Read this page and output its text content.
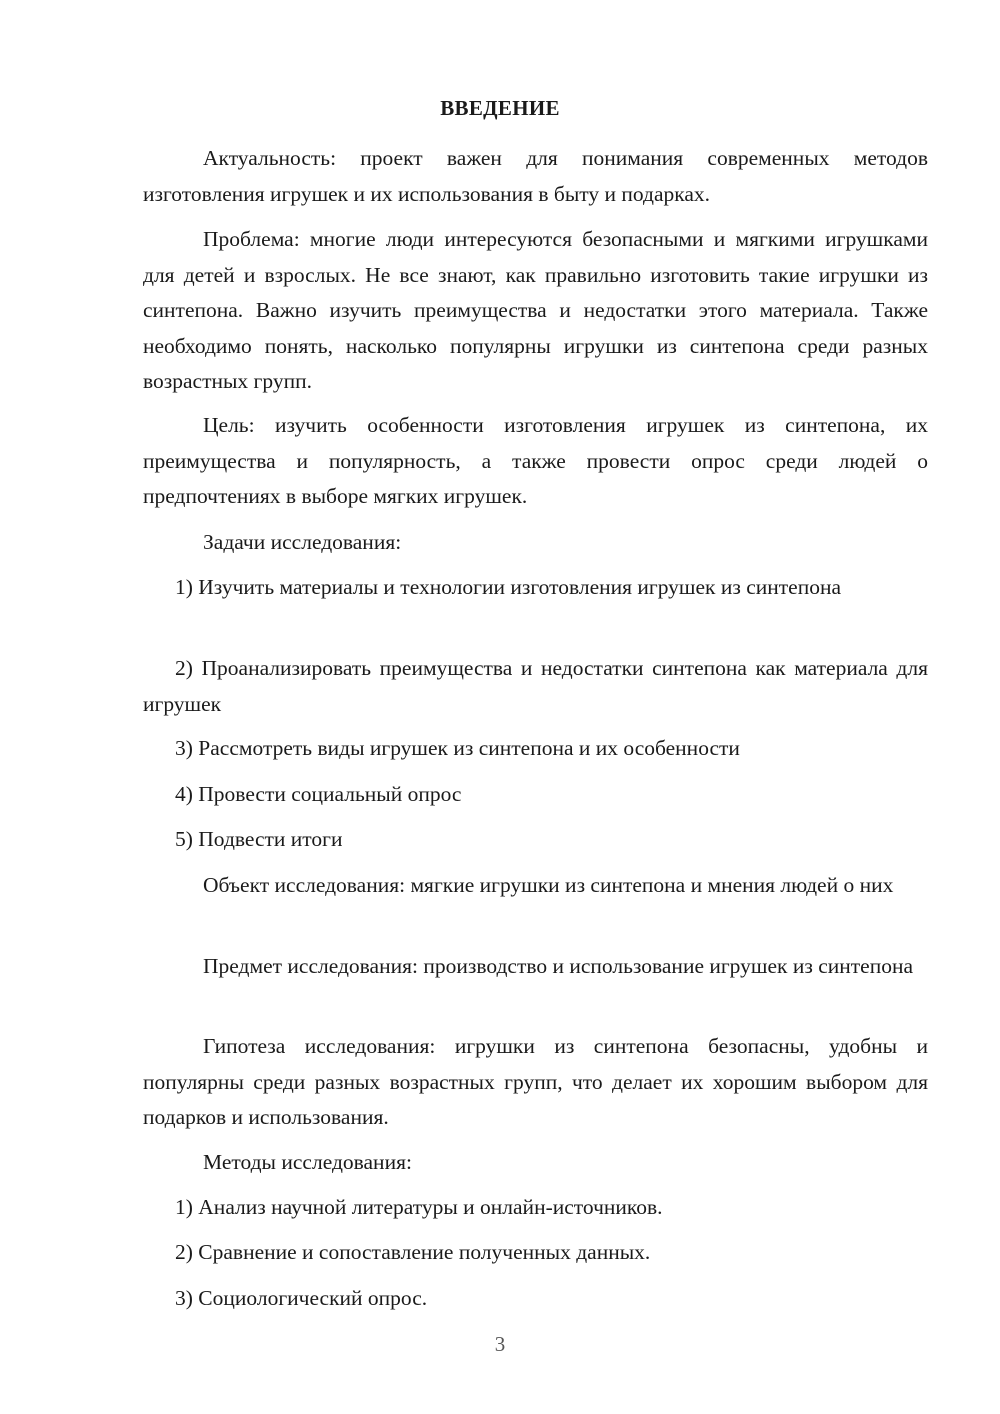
ВВЕДЕНИЕ

Актуальность: проект важен для понимания современных методов изготовления игрушек и их использования в быту и подарках.

Проблема: многие люди интересуются безопасными и мягкими игрушками для детей и взрослых. Не все знают, как правильно изготовить такие игрушки из синтепона. Важно изучить преимущества и недостатки этого материала. Также необходимо понять, насколько популярны игрушки из синтепона среди разных возрастных групп.

Цель: изучить особенности изготовления игрушек из синтепона, их преимущества и популярность, а также провести опрос среди людей о предпочтениях в выборе мягких игрушек.

Задачи исследования:

1) Изучить материалы и технологии изготовления игрушек из синтепона

2) Проанализировать преимущества и недостатки синтепона как материала для игрушек

3) Рассмотреть виды игрушек из синтепона и их особенности

4) Провести социальный опрос

5) Подвести итоги

Объект исследования: мягкие игрушки из синтепона и мнения людей о них

Предмет исследования: производство и использование игрушек из синтепона

Гипотеза исследования: игрушки из синтепона безопасны, удобны и популярны среди разных возрастных групп, что делает их хорошим выбором для подарков и использования.

Методы исследования:

1) Анализ научной литературы и онлайн-источников.

2) Сравнение и сопоставление полученных данных.

3) Социологический опрос.

3
